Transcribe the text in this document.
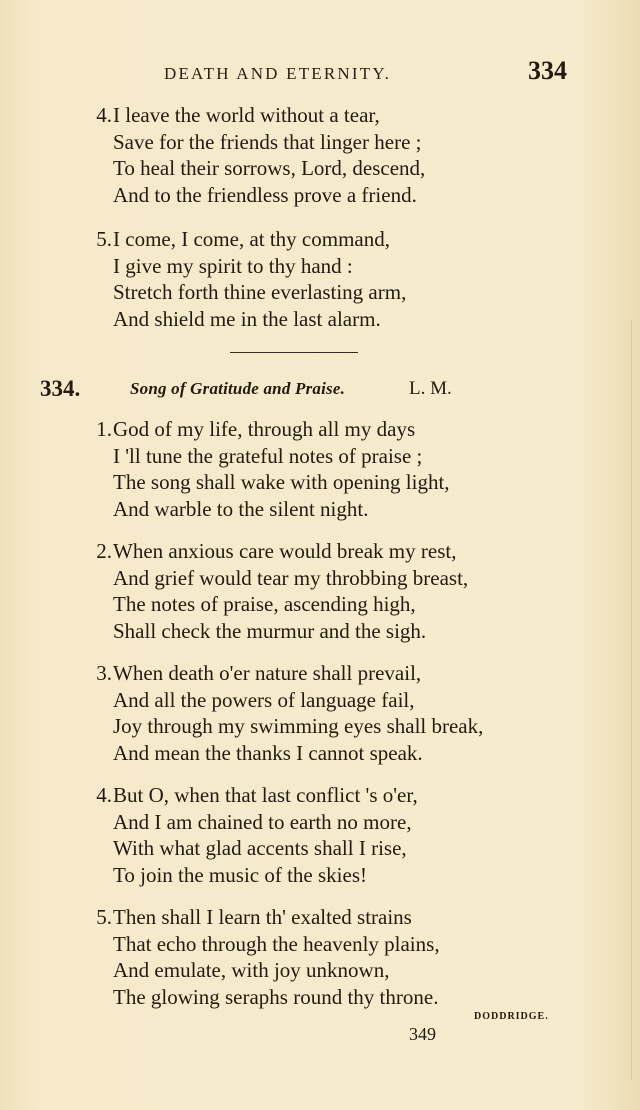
DEATH AND ETERNITY.	334
4. I leave the world without a tear,
Save for the friends that linger here ;
To heal their sorrows, Lord, descend,
And to the friendless prove a friend.
5. I come, I come, at thy command,
I give my spirit to thy hand :
Stretch forth thine everlasting arm,
And shield me in the last alarm.
334.	Song of Gratitude and Praise.	L. M.
1. God of my life, through all my days
I 'll tune the grateful notes of praise ;
The song shall wake with opening light,
And warble to the silent night.
2. When anxious care would break my rest,
And grief would tear my throbbing breast,
The notes of praise, ascending high,
Shall check the murmur and the sigh.
3. When death o'er nature shall prevail,
And all the powers of language fail,
Joy through my swimming eyes shall break,
And mean the thanks I cannot speak.
4. But O, when that last conflict 's o'er,
And I am chained to earth no more,
With what glad accents shall I rise,
To join the music of the skies!
5. Then shall I learn th' exalted strains
That echo through the heavenly plains,
And emulate, with joy unknown,
The glowing seraphs round thy throne.
DODDRIDGE.
349
